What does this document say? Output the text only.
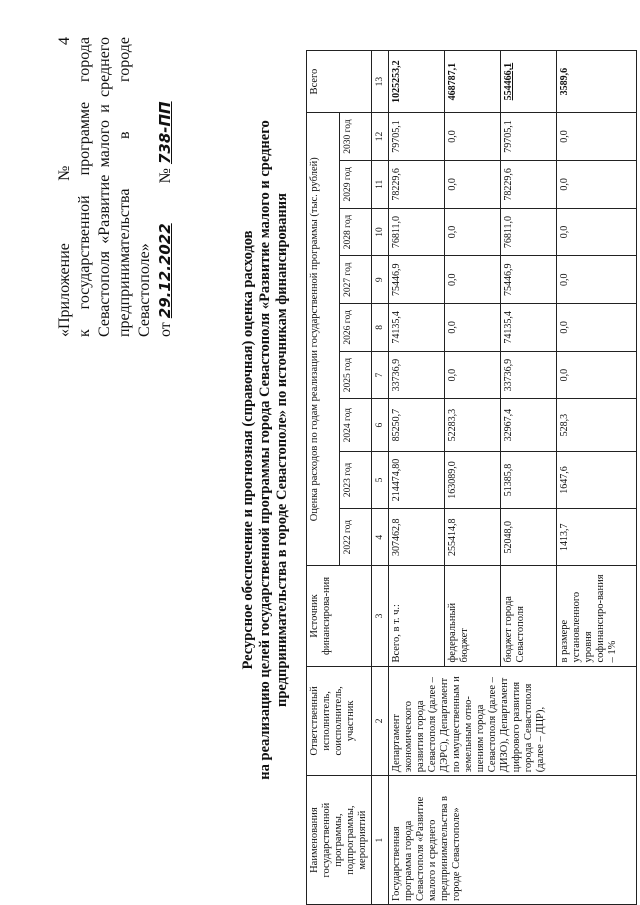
«Приложение № 4 к государственной программе города Севастополя «Развитие малого и среднего предпринимательства в городе Севастополе» от 29.12.2022          № 738-ПП
Ресурсное обеспечение и прогнозная (справочная) оценка расходов на реализацию целей государственной программы города Севастополя «Развитие малого и среднего предпринимательства в городе Севастополе» по источникам финансирования
Наименования государственной программы, подпрограммы, мероприятий	Ответственный исполнитель, соисполнитель, участник	Источник финансирова-ния	Оценка расходов по годам реализации государственной программы (тыс. рублей)									Всего
			2022 год	2023 год	2024 год	2025 год	2026 год	2027 год	2028 год	2029 год	2030 год	
1	2	3	4	5	6	7	8	9	10	11	12	13
Государственная программа города Севастополя «Развитие малого и среднего предпринимательства в городе Севастополе»	Департамент экономического развития города Севастополя (далее – ДЭРС), Департамент по имущественным и земельным отно-шениям города Севастополя (далее – ДИЗО), Департамент цифрового развития города Севастополя (далее – ДЦР),	Всего, в т. ч.:	307462,8	214474,80	85250,7	33736,9	74135,4	75446,9	76811,0	78229,6	79705,1	1025253,2
		федеральный бюджет	255414,8	163089,0	52283,3	0,0	0,0	0,0	0,0	0,0	0,0	468787,1
		бюджет города Севастополя	52048,0	51385,8	32967,4	33736,9	74135,4	75446,9	76811,0	78229,6	79705,1	554466,1
		в размере установленного уровня софинансиро-вания – 1%	1413,7	1647,6	528,3	0,0	0,0	0,0	0,0	0,0	0,0	3589,6
